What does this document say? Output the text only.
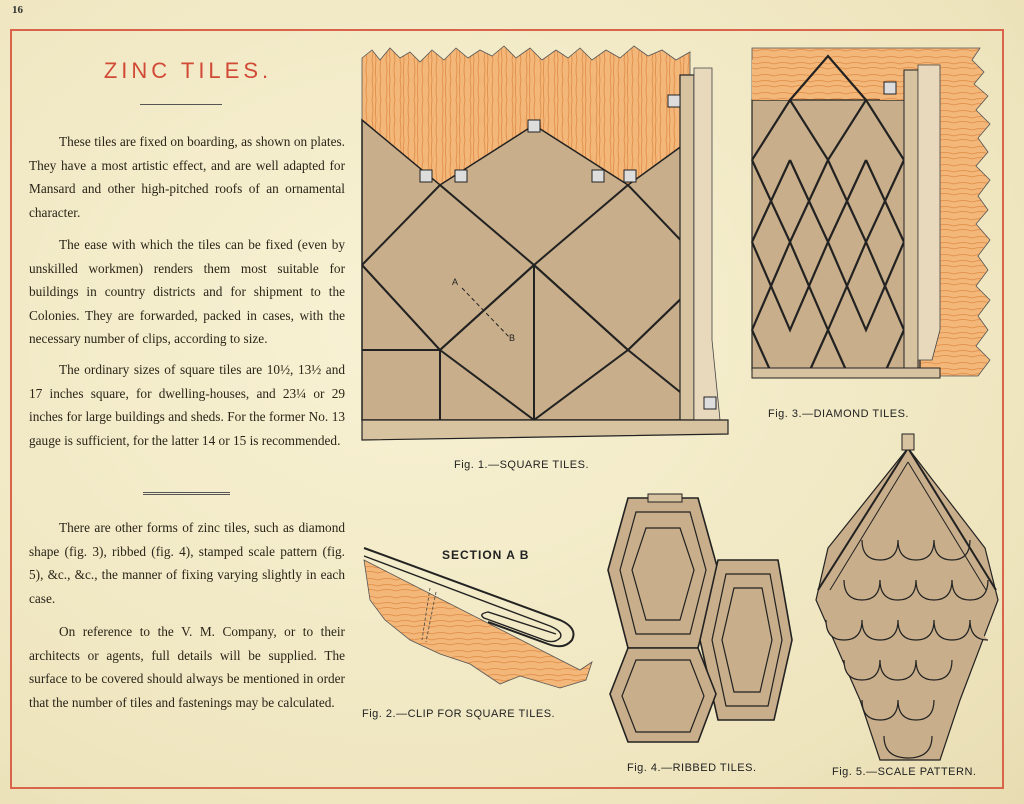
16
ZINC TILES.

These tiles are fixed on boarding, as shown on plates. They have a most artistic effect, and are well adapted for Mansard and other high-pitched roofs of an ornamental character.

The ease with which the tiles can be fixed (even by unskilled workmen) renders them most suitable for buildings in country districts and for shipment to the Colonies. They are forwarded, packed in cases, with the necessary number of clips, according to size.

The ordinary sizes of square tiles are 10½, 13½ and 17 inches square, for dwelling-houses, and 23¼ or 29 inches for large buildings and sheds. For the former No. 13 gauge is sufficient, for the latter 14 or 15 is recommended.

There are other forms of zinc tiles, such as diamond shape (fig. 3), ribbed (fig. 4), stamped scale pattern (fig. 5), &c., &c., the manner of fixing varying slightly in each case.

On reference to the V. M. Company, or to their architects or agents, full details will be supplied. The surface to be covered should always be mentioned in order that the number of tiles and fastenings may be calculated.

A
B
Fig. 1.—SQUARE TILES.
Fig. 3.—DIAMOND TILES.
SECTION A B
Fig. 2.—CLIP FOR SQUARE TILES.
Fig. 4.—RIBBED TILES.	Fig. 5.—SCALE PATTERN.
